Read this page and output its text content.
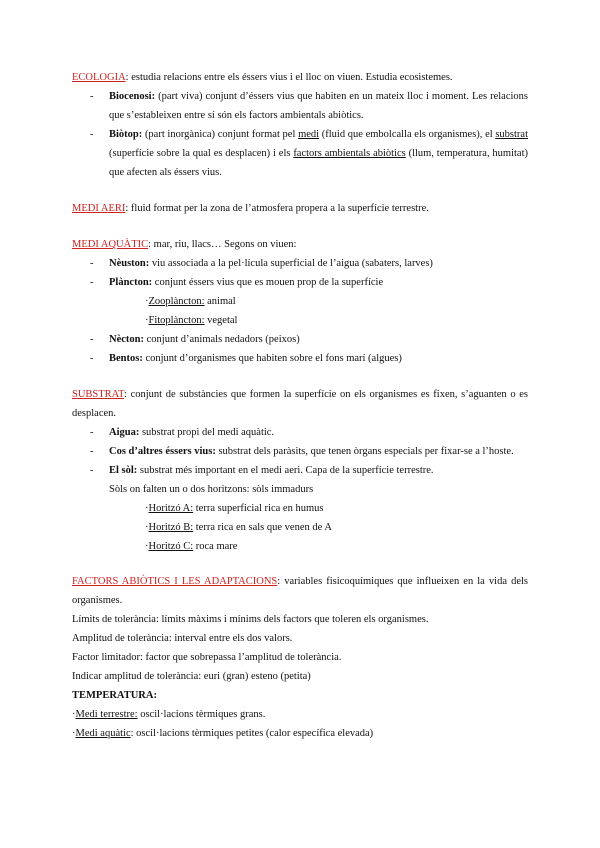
ECOLOGIA: estudia relacions entre els éssers vius i el lloc on viuen. Estudia ecosistemes.

- Biocenosi: (part viva) conjunt d’éssers vius que habiten en un mateix lloc i moment. Les relacions que s’estableixen entre sí són els factors ambientals abiòtics.

- Biòtop: (part inorgànica) conjunt format pel medi (fluid que embolcalla els organismes), el substrat (superfície sobre la qual es desplacen) i els factors ambientals abiòtics (llum, temperatura, humitat) que afecten als éssers vius.

MEDI AERI: fluid format per la zona de l’atmosfera propera a la superfície terrestre.

MEDI AQUÀTIC: mar, riu, llacs… Segons on viuen:

- Nèuston: viu associada a la pel·lícula superficial de l’aigua (sabaters, larves)

- Plàncton: conjunt éssers vius que es mouen prop de la superfície

·Zooplàncton: animal

·Fitoplàncton: vegetal

- Nècton: conjunt d’animals nedadors (peixos)

- Bentos: conjunt d’organismes que habiten sobre el fons marí (algues)

SUBSTRAT: conjunt de substàncies que formen la superfície on els organismes es fixen, s’aguanten o es desplacen.

- Aigua: substrat propi del medi aquàtic.

- Cos d’altres éssers vius: substrat dels paràsits, que tenen òrgans especials per fixar-se a l’hoste.

- El sòl: substrat més important en el medi aeri. Capa de la superfície terrestre.

Sòls on falten un o dos horitzons: sòls immadurs

·Horitzó A: terra superficial rica en humus

·Horitzó B: terra rica en sals que venen de A

·Horitzó C: roca mare

FACTORS ABIÒTICS I LES ADAPTACIONS: variables fisicoquímiques que influeixen en la vida dels organismes.

Límits de tolerància: límits màxims i mínims dels factors que toleren els organismes.

Amplitud de tolerància: interval entre els dos valors.

Factor limitador: factor que sobrepassa l’amplitud de tolerància.

Indicar amplitud de tolerància: euri (gran) esteno (petita)

TEMPERATURA:

·Medi terrestre: oscil·lacions tèrmiques grans.

·Medi aquàtic: oscil·lacions tèrmiques petites (calor específica elevada)
